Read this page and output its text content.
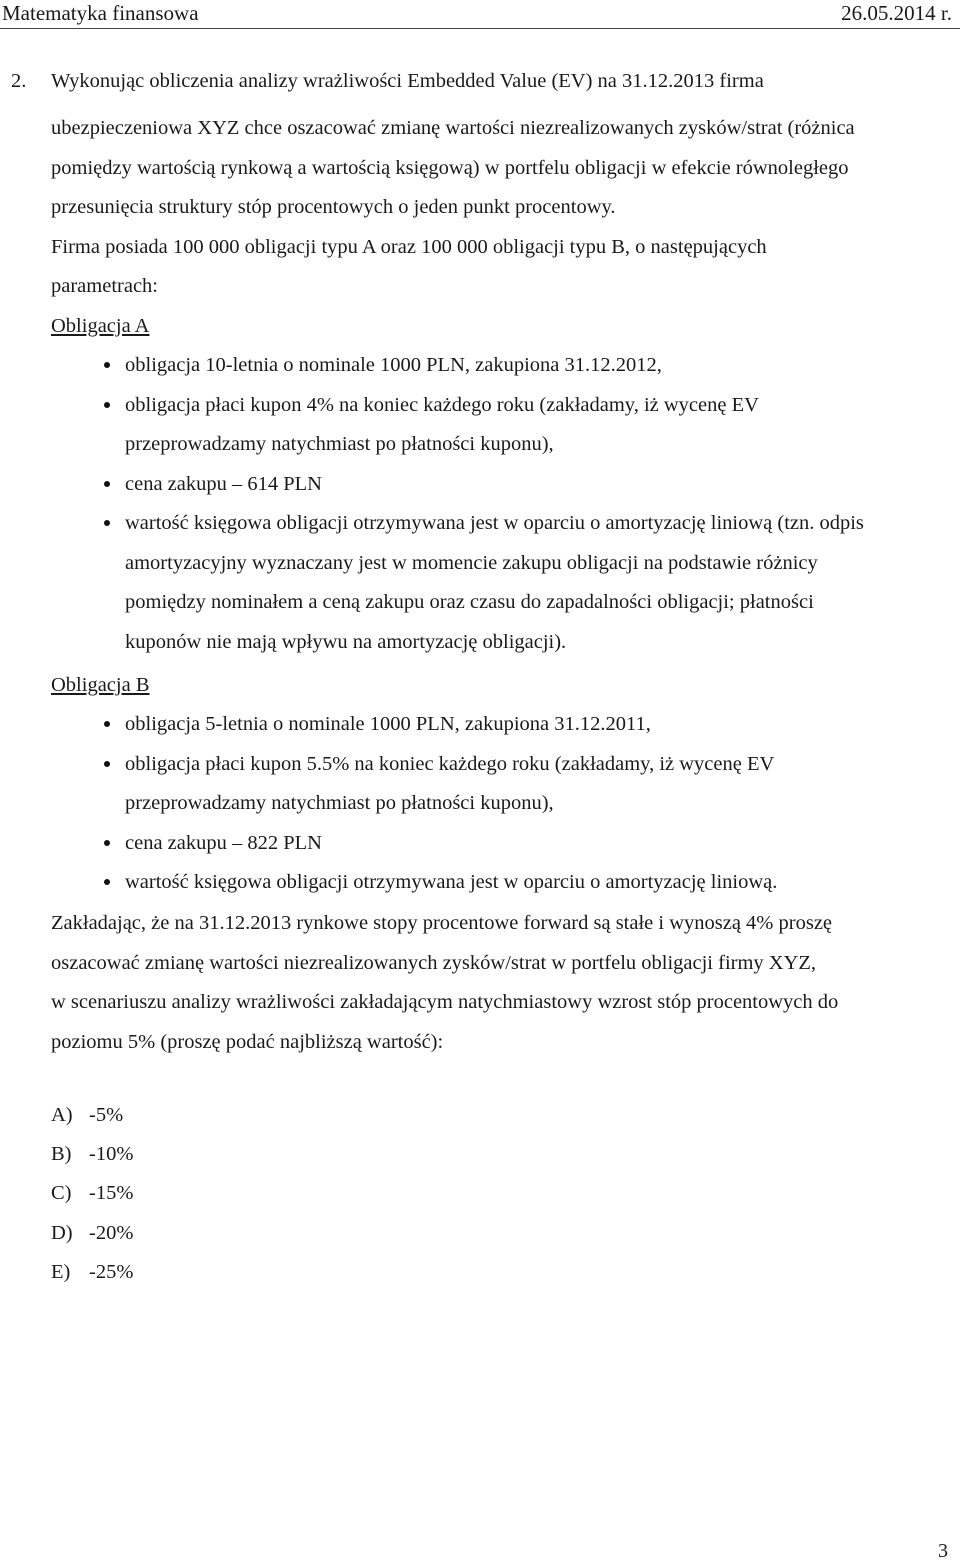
Matematyka finansowa	26.05.2014 r.
2. Wykonując obliczenia analizy wrażliwości Embedded Value (EV) na 31.12.2013 firma
ubezpieczeniowa XYZ chce oszacować zmianę wartości niezrealizowanych zysków/strat (różnica
pomiędzy wartością rynkową a wartością księgową) w portfelu obligacji w efekcie równoległego
przesunięcia struktury stóp procentowych o jeden punkt procentowy.
Firma posiada 100 000 obligacji typu A oraz 100 000 obligacji typu B, o następujących
parametrach:
Obligacja A
obligacja 10-letnia o nominale 1000 PLN, zakupiona 31.12.2012,
obligacja płaci kupon 4% na koniec każdego roku (zakładamy, iż wycenę EV
przeprowadzamy natychmiast po płatności kuponu),
cena zakupu – 614 PLN
wartość księgowa obligacji otrzymywana jest w oparciu o amortyzację liniową (tzn. odpis
amortyzacyjny wyznaczany jest w momencie zakupu obligacji na podstawie różnicy
pomiędzy nominałem a ceną zakupu oraz czasu do zapadalności obligacji; płatności
kuponów nie mają wpływu na amortyzację obligacji).
Obligacja B
obligacja 5-letnia o nominale 1000 PLN, zakupiona 31.12.2011,
obligacja płaci kupon 5.5% na koniec każdego roku (zakładamy, iż wycenę EV
przeprowadzamy natychmiast po płatności kuponu),
cena zakupu – 822 PLN
wartość księgowa obligacji otrzymywana jest w oparciu o amortyzację liniową.
Zakładając, że na 31.12.2013 rynkowe stopy procentowe forward są stałe i wynoszą 4% proszę
oszacować zmianę wartości niezrealizowanych zysków/strat w portfelu obligacji firmy XYZ,
w scenariuszu analizy wrażliwości zakładającym natychmiastowy wzrost stóp procentowych do
poziomu 5% (proszę podać najbliższą wartość):
A) -5%
B) -10%
C) -15%
D) -20%
E) -25%
3
